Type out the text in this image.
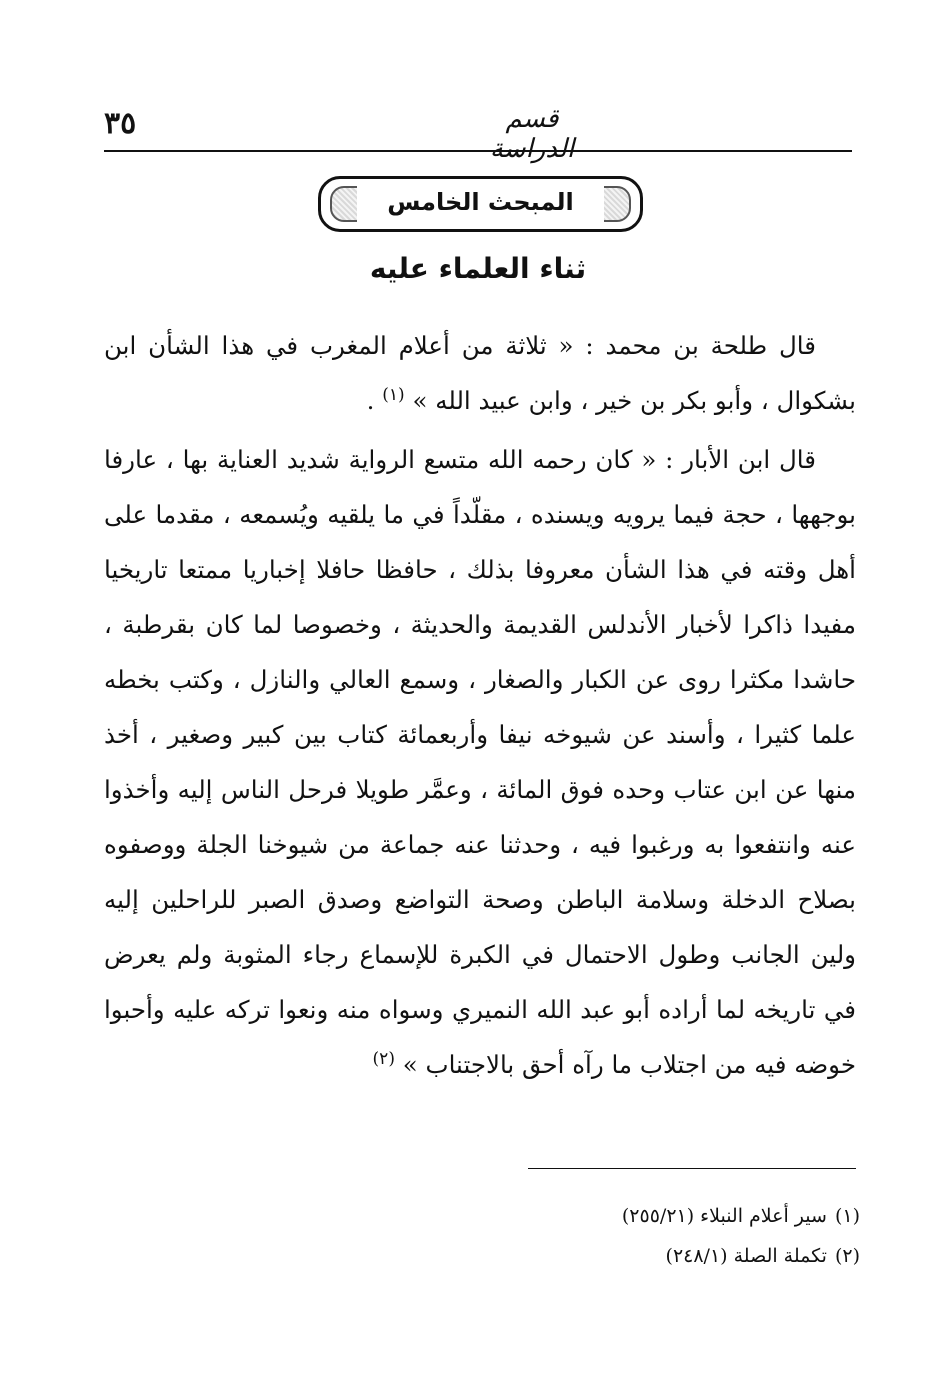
قسم الدراسة
٣٥
المبحث الخامس
ثناء العلماء عليه

قال طلحة بن محمد : « ثلاثة من أعلام المغرب في هذا الشأن ابن بشكوال ، وأبو بكر بن خير ، وابن عبيد الله » $^{(١)}$ .

قال ابن الأبار : « كان رحمه الله متسع الرواية شديد العناية بها ، عارفا بوجهها ، حجة فيما يرويه ويسنده ، مقلّداً في ما يلقيه ويُسمعه ، مقدما على أهل وقته في هذا الشأن معروفا بذلك ، حافظا حافلا إخباريا ممتعا تاريخيا مفيدا ذاكرا لأخبار الأندلس القديمة والحديثة ، وخصوصا لما كان بقرطبة ، حاشدا مكثرا روى عن الكبار والصغار ، وسمع العالي والنازل ، وكتب بخطه علما كثيرا ، وأسند عن شيوخه نيفا وأربعمائة كتاب بين كبير وصغير ، أخذ منها عن ابن عتاب وحده فوق المائة ، وعمَّر طويلا فرحل الناس إليه وأخذوا عنه وانتفعوا به ورغبوا فيه ، وحدثنا عنه جماعة من شيوخنا الجلة ووصفوه بصلاح الدخلة وسلامة الباطن وصحة التواضع وصدق الصبر للراحلين إليه ولين الجانب وطول الاحتمال في الكبرة للإسماع رجاء المثوبة ولم يعرض في تاريخه لما أراده أبو عبد الله النميري وسواه منه ونعوا تركه عليه وأحبوا خوضه فيه من اجتلاب ما رآه أحق بالاجتناب » $^{(٢)}$

(١)سير أعلام النبلاء (٢٥٥/٢١)
(٢)تكملة الصلة (٢٤٨/١)
